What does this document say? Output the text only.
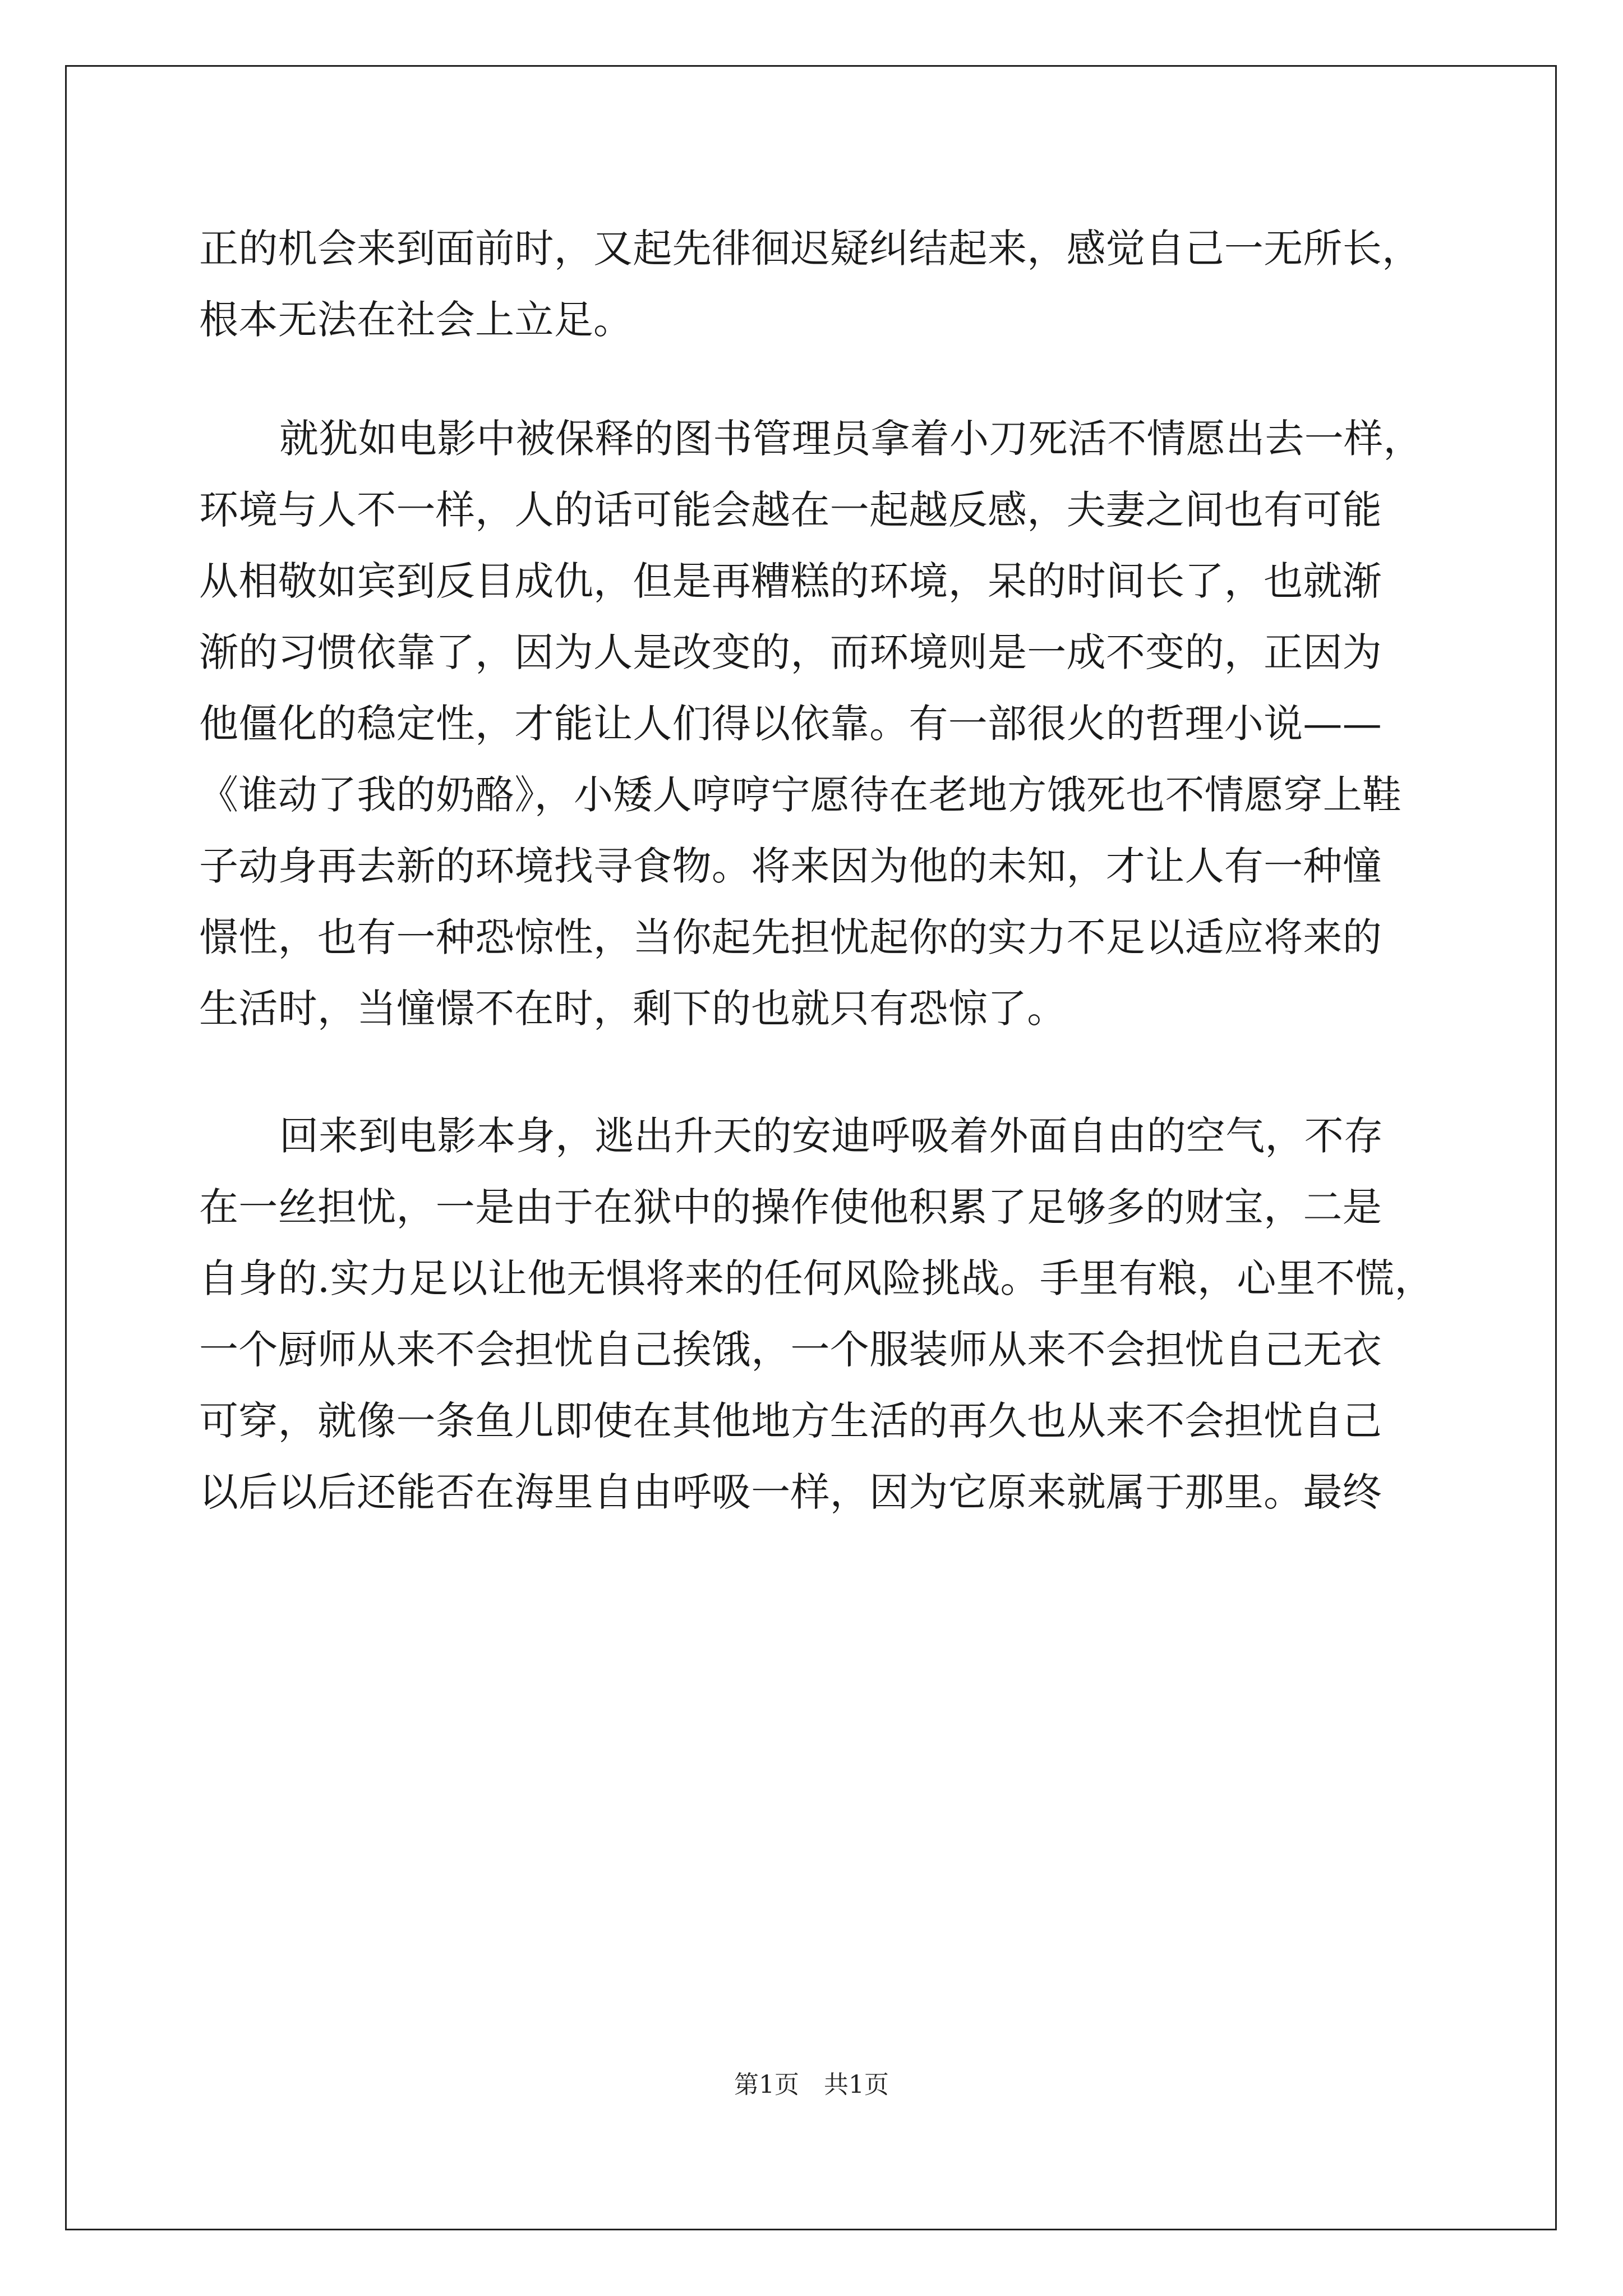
正的机会来到面前时，又起先徘徊迟疑纠结起来，感觉自己一无所长，
根本无法在社会上立足。
就犹如电影中被保释的图书管理员拿着小刀死活不情愿出去一样，
环境与人不一样，人的话可能会越在一起越反感，夫妻之间也有可能
从相敬如宾到反目成仇，但是再糟糕的环境，呆的时间长了，也就渐
渐的习惯依靠了，因为人是改变的，而环境则是一成不变的，正因为
他僵化的稳定性，才能让人们得以依靠。有一部很火的哲理小说——
《谁动了我的奶酪》，小矮人哼哼宁愿待在老地方饿死也不情愿穿上鞋
子动身再去新的环境找寻食物。将来因为他的未知，才让人有一种憧
憬性，也有一种恐惊性，当你起先担忧起你的实力不足以适应将来的
生活时，当憧憬不在时，剩下的也就只有恐惊了。
回来到电影本身，逃出升天的安迪呼吸着外面自由的空气，不存
在一丝担忧，一是由于在狱中的操作使他积累了足够多的财宝，二是
自身的.实力足以让他无惧将来的任何风险挑战。手里有粮，心里不慌，
一个厨师从来不会担忧自己挨饿，一个服装师从来不会担忧自己无衣
可穿，就像一条鱼儿即使在其他地方生活的再久也从来不会担忧自己
以后以后还能否在海里自由呼吸一样，因为它原来就属于那里。最终
第1页　共1页
